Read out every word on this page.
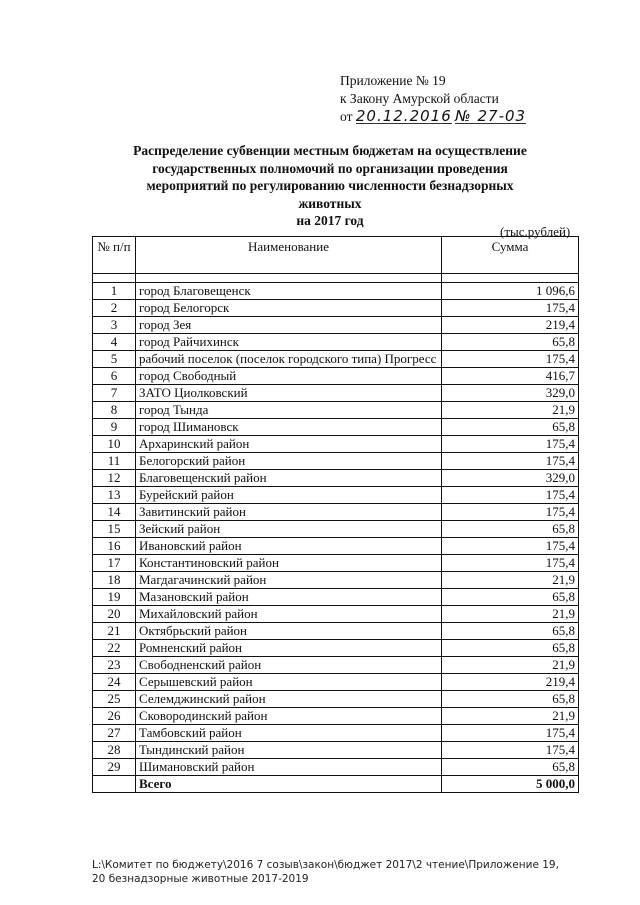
Приложение № 19
к Закону Амурской области
от 20.12.2016 № 27-03
Распределение субвенции местным бюджетам на осуществление
государственных полномочий по организации проведения
мероприятий по регулированию численности безнадзорных животных
на 2017 год
(тыс.рублей)
№ п/п	Наименование	Сумма

1	город Благовещенск	1 096,6
2	город Белогорск	175,4
3	город Зея	219,4
4	город Райчихинск	65,8
5	рабочий поселок (поселок городского типа) Прогресс	175,4
6	город Свободный	416,7
7	ЗАТО Циолковский	329,0
8	город Тында	21,9
9	город Шимановск	65,8
10	Архаринский район	175,4
11	Белогорский район	175,4
12	Благовещенский район	329,0
13	Бурейский район	175,4
14	Завитинский район	175,4
15	Зейский район	65,8
16	Ивановский район	175,4
17	Константиновский район	175,4
18	Магдагачинский район	21,9
19	Мазановский район	65,8
20	Михайловский район	21,9
21	Октябрьский район	65,8
22	Ромненский район	65,8
23	Свободненский район	21,9
24	Серышевский район	219,4
25	Селемджинский район	65,8
26	Сковородинский район	21,9
27	Тамбовский район	175,4
28	Тындинский район	175,4
29	Шимановский район	65,8
	Всего	5 000,0
L:\Комитет по бюджету\2016 7 созыв\закон\бюджет 2017\2 чтение\Приложение 19, 20 безнадзорные животные 2017-2019
